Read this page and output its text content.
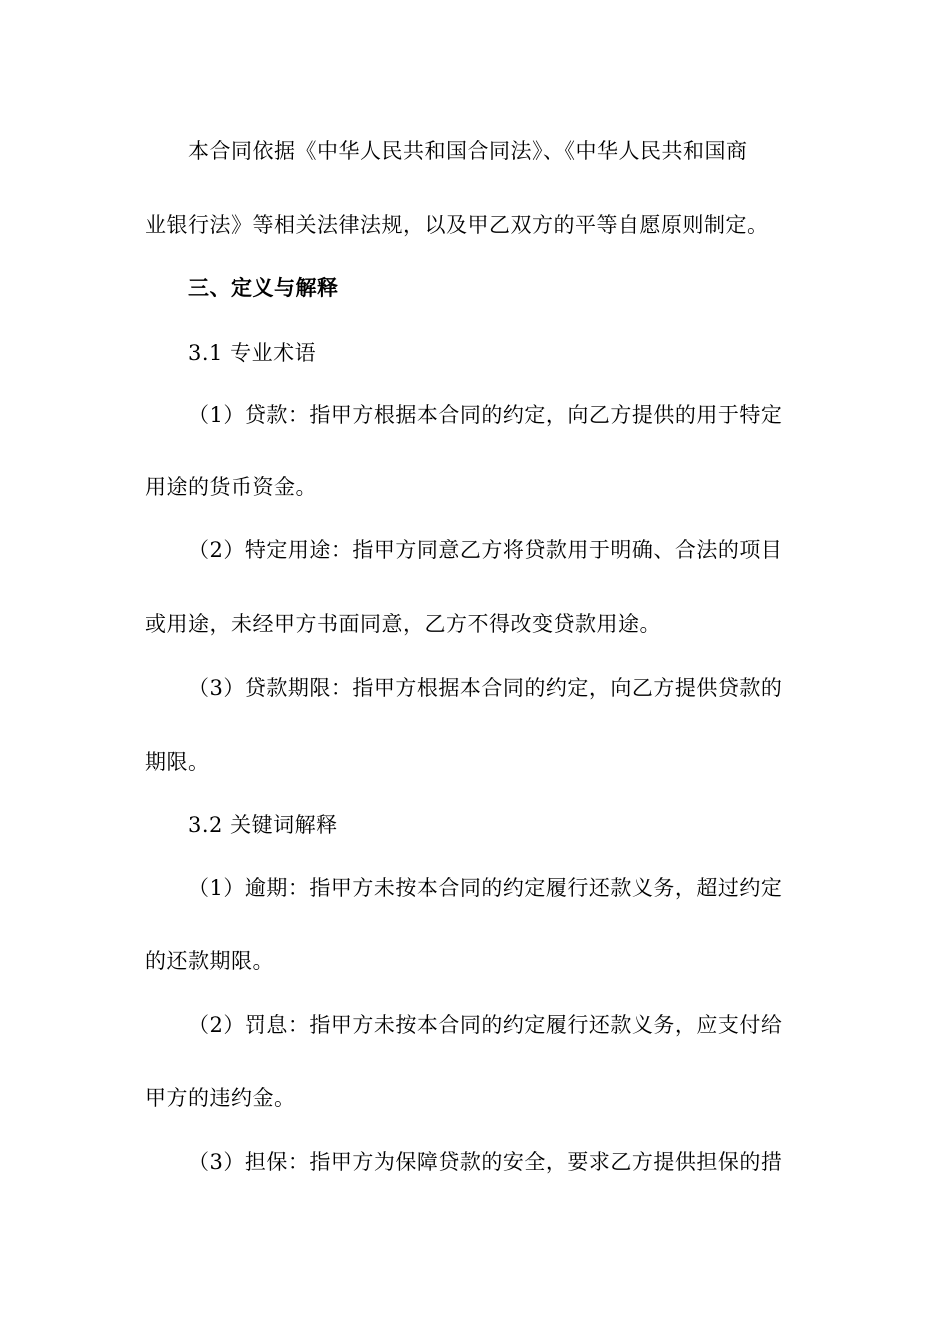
本合同依据《中华人民共和国合同法》、《中华人民共和国商
业银行法》等相关法律法规，以及甲乙双方的平等自愿原则制定。
三、定义与解释
3.1 专业术语
（1）贷款：指甲方根据本合同的约定，向乙方提供的用于特定
用途的货币资金。
（2）特定用途：指甲方同意乙方将贷款用于明确、合法的项目
或用途，未经甲方书面同意，乙方不得改变贷款用途。
（3）贷款期限：指甲方根据本合同的约定，向乙方提供贷款的
期限。
3.2 关键词解释
（1）逾期：指甲方未按本合同的约定履行还款义务，超过约定
的还款期限。
（2）罚息：指甲方未按本合同的约定履行还款义务，应支付给
甲方的违约金。
（3）担保：指甲方为保障贷款的安全，要求乙方提供担保的措
